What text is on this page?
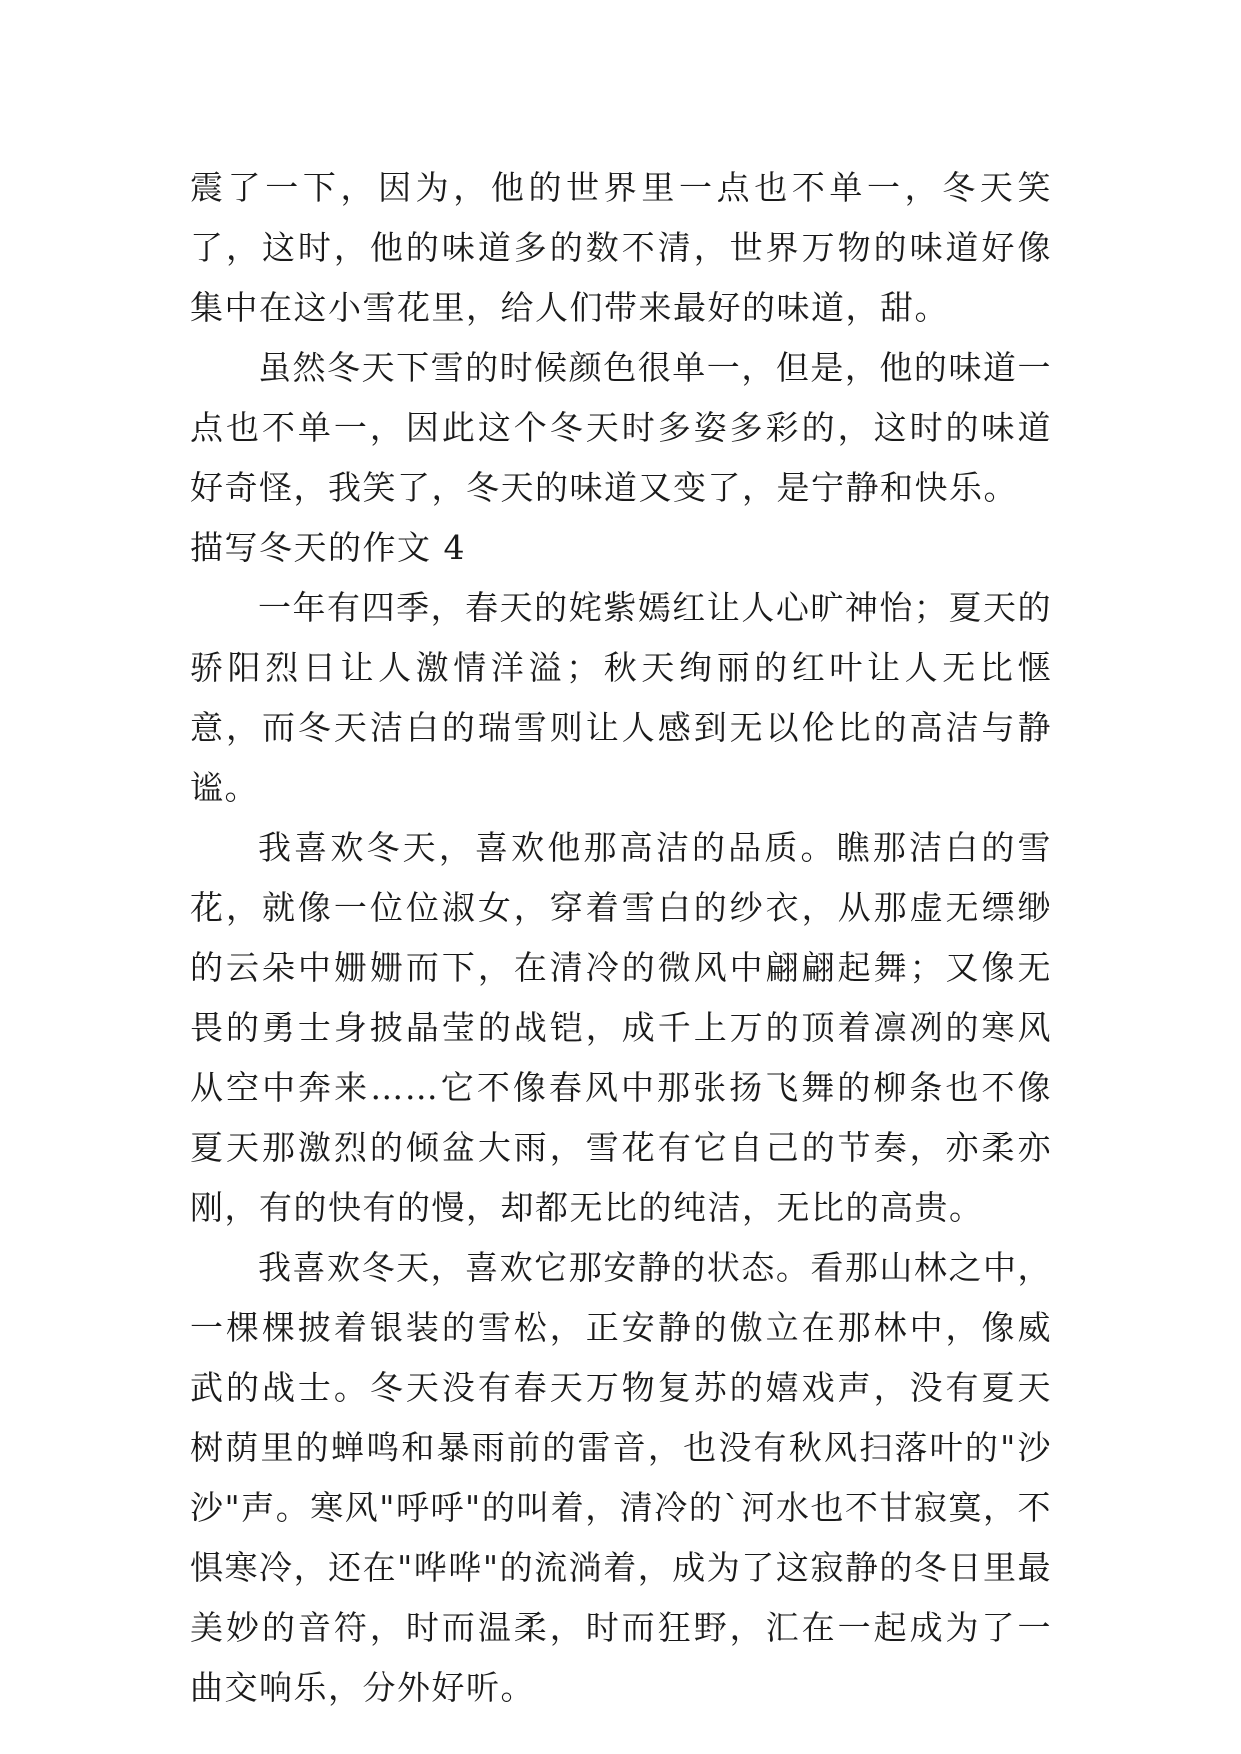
震了一下，因为，他的世界里一点也不单一，冬天笑了，这时，他的味道多的数不清，世界万物的味道好像集中在这小雪花里，给人们带来最好的味道，甜。

虽然冬天下雪的时候颜色很单一，但是，他的味道一点也不单一，因此这个冬天时多姿多彩的，这时的味道好奇怪，我笑了，冬天的味道又变了，是宁静和快乐。

描写冬天的作文 4

一年有四季，春天的姹紫嫣红让人心旷神怡；夏天的骄阳烈日让人激情洋溢；秋天绚丽的红叶让人无比惬意，而冬天洁白的瑞雪则让人感到无以伦比的高洁与静谧。

我喜欢冬天，喜欢他那高洁的品质。瞧那洁白的雪花，就像一位位淑女，穿着雪白的纱衣，从那虚无缥缈的云朵中姗姗而下，在清冷的微风中翩翩起舞；又像无畏的勇士身披晶莹的战铠，成千上万的顶着凛冽的寒风从空中奔来……它不像春风中那张扬飞舞的柳条也不像夏天那激烈的倾盆大雨，雪花有它自己的节奏，亦柔亦刚，有的快有的慢，却都无比的纯洁，无比的高贵。

我喜欢冬天，喜欢它那安静的状态。看那山林之中，一棵棵披着银装的雪松，正安静的傲立在那林中，像威武的战士。冬天没有春天万物复苏的嬉戏声，没有夏天树荫里的蝉鸣和暴雨前的雷音，也没有秋风扫落叶的"沙沙"声。寒风"呼呼"的叫着，清冷的`河水也不甘寂寞，不惧寒冷，还在"哗哗"的流淌着，成为了这寂静的冬日里最美妙的音符，时而温柔，时而狂野，汇在一起成为了一曲交响乐，分外好听。
